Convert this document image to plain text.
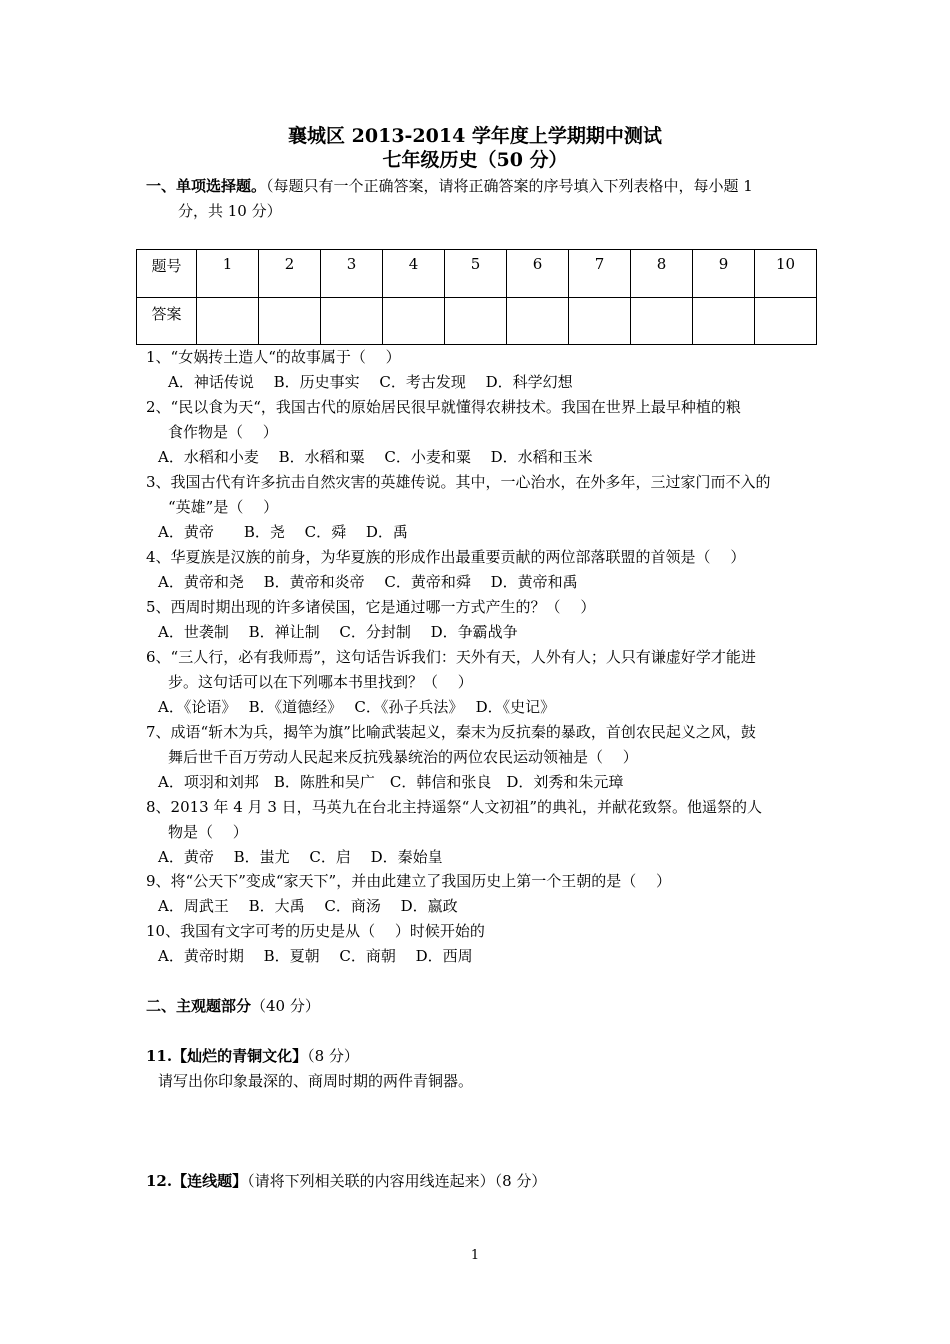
襄城区 2013-2014 学年度上学期期中测试
七年级历史（50 分）
一、单项选择题。（每题只有一个正确答案，请将正确答案的序号填入下列表格中，每小题 1
分，共 10 分）
题号	1	2	3	4	5	6	7	8	9	10
答案										
1、“女娲抟土造人“的故事属于（　 ）
A．神话传说　 B．历史事实　 C．考古发现　 D．科学幻想
2、“民以食为天“，我国古代的原始居民很早就懂得农耕技术。我国在世界上最早种植的粮
食作物是（　 ）
A．水稻和小麦　 B．水稻和粟　 C．小麦和粟　 D．水稻和玉米
3、我国古代有许多抗击自然灾害的英雄传说。其中，一心治水，在外多年，三过家门而不入的
“英雄”是（　 ）
A．黄帝　　B．尧　 C．舜　 D．禹
4、华夏族是汉族的前身，为华夏族的形成作出最重要贡献的两位部落联盟的首领是（　 ）
A．黄帝和尧　 B．黄帝和炎帝　 C．黄帝和舜　 D．黄帝和禹
5、西周时期出现的许多诸侯国，它是通过哪一方式产生的？（　 ）
A．世袭制　 B．禅让制　 C．分封制　 D．争霸战争
6、“三人行，必有我师焉”，这句话告诉我们：天外有天，人外有人；人只有谦虚好学才能进
步。这句话可以在下列哪本书里找到？（　 ）
A．《论语》　 B．《道德经》　 C．《孙子兵法》　 D．《史记》
7、成语“斩木为兵，揭竿为旗”比喻武装起义，秦末为反抗秦的暴政，首创农民起义之风，鼓
舞后世千百万劳动人民起来反抗残暴统治的两位农民运动领袖是（　 ）
A．项羽和刘邦　B．陈胜和吴广　C．韩信和张良　D．刘秀和朱元璋
8、2013 年 4 月 3 日，马英九在台北主持遥祭“人文初祖”的典礼，并献花致祭。他遥祭的人
物是（　 ）
A．黄帝　 B．蚩尤　 C．启　 D．秦始皇
9、将“公天下”变成“家天下”，并由此建立了我国历史上第一个王朝的是（　 ）
A．周武王　 B．大禹　 C．商汤　 D．嬴政
10、我国有文字可考的历史是从（　 ）时候开始的
A．黄帝时期　 B．夏朝　 C．商朝　 D．西周
二、主观题部分（40 分）
11.【灿烂的青铜文化】（8 分）
请写出你印象最深的、商周时期的两件青铜器。
12.【连线题】（请将下列相关联的内容用线连起来）（8 分）
1
